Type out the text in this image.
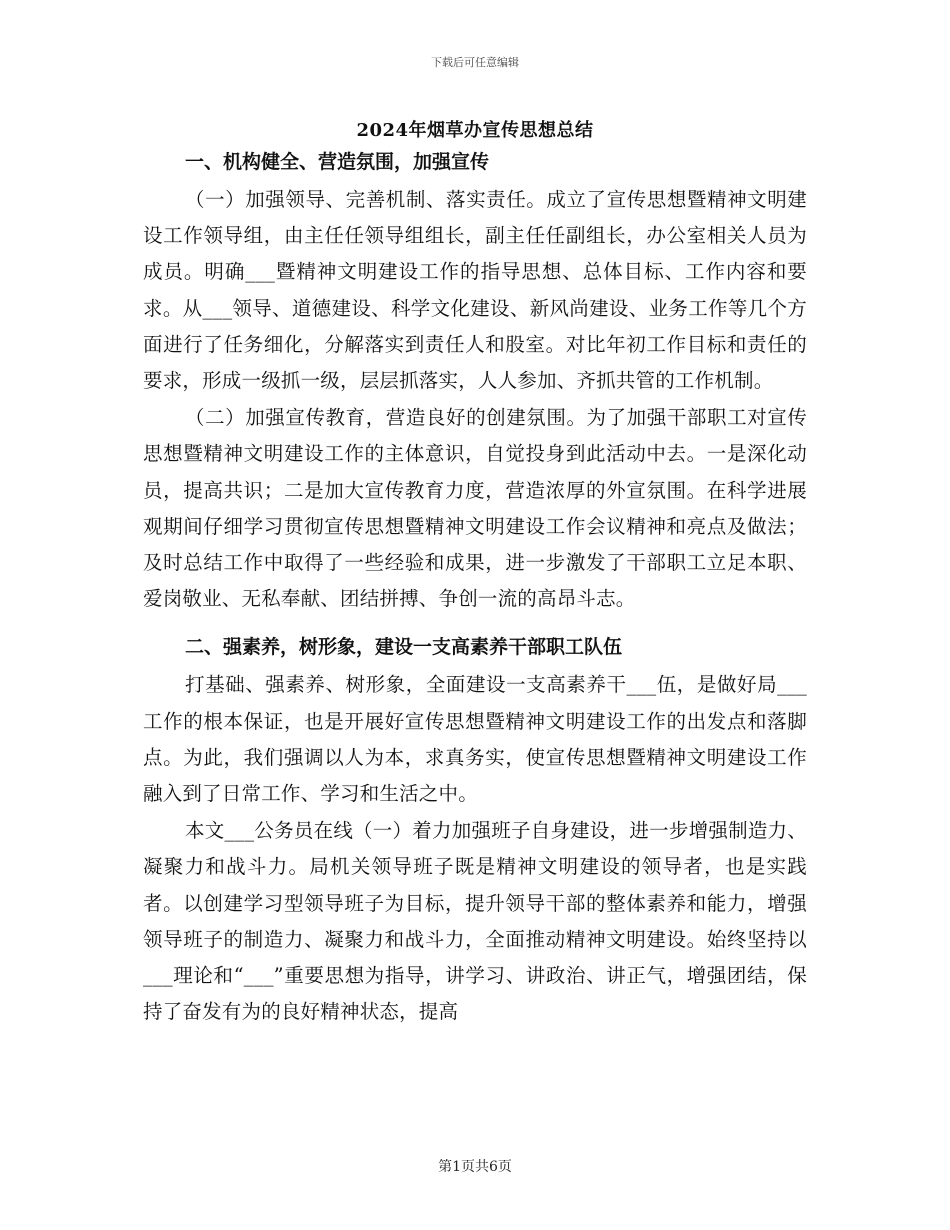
下载后可任意编辑
2024年烟草办宣传思想总结
一、机构健全、营造氛围，加强宣传

（一）加强领导、完善机制、落实责任。成立了宣传思想暨精神文明建设工作领导组，由主任任领导组组长，副主任任副组长，办公室相关人员为成员。明确___暨精神文明建设工作的指导思想、总体目标、工作内容和要求。从___领导、道德建设、科学文化建设、新风尚建设、业务工作等几个方面进行了任务细化，分解落实到责任人和股室。对比年初工作目标和责任的要求，形成一级抓一级，层层抓落实，人人参加、齐抓共管的工作机制。

（二）加强宣传教育，营造良好的创建氛围。为了加强干部职工对宣传思想暨精神文明建设工作的主体意识，自觉投身到此活动中去。一是深化动员，提高共识；二是加大宣传教育力度，营造浓厚的外宣氛围。在科学进展观期间仔细学习贯彻宣传思想暨精神文明建设工作会议精神和亮点及做法；及时总结工作中取得了一些经验和成果，进一步激发了干部职工立足本职、爱岗敬业、无私奉献、团结拼搏、争创一流的高昂斗志。

二、强素养，树形象，建设一支高素养干部职工队伍

打基础、强素养、树形象，全面建设一支高素养干___伍，是做好局___工作的根本保证，也是开展好宣传思想暨精神文明建设工作的出发点和落脚点。为此，我们强调以人为本，求真务实，使宣传思想暨精神文明建设工作融入到了日常工作、学习和生活之中。

本文___公务员在线（一）着力加强班子自身建设，进一步增强制造力、凝聚力和战斗力。局机关领导班子既是精神文明建设的领导者，也是实践者。以创建学习型领导班子为目标，提升领导干部的整体素养和能力，增强领导班子的制造力、凝聚力和战斗力，全面推动精神文明建设。始终坚持以___理论和“___”重要思想为指导，讲学习、讲政治、讲正气，增强团结，保持了奋发有为的良好精神状态，提高

第1页共6页
